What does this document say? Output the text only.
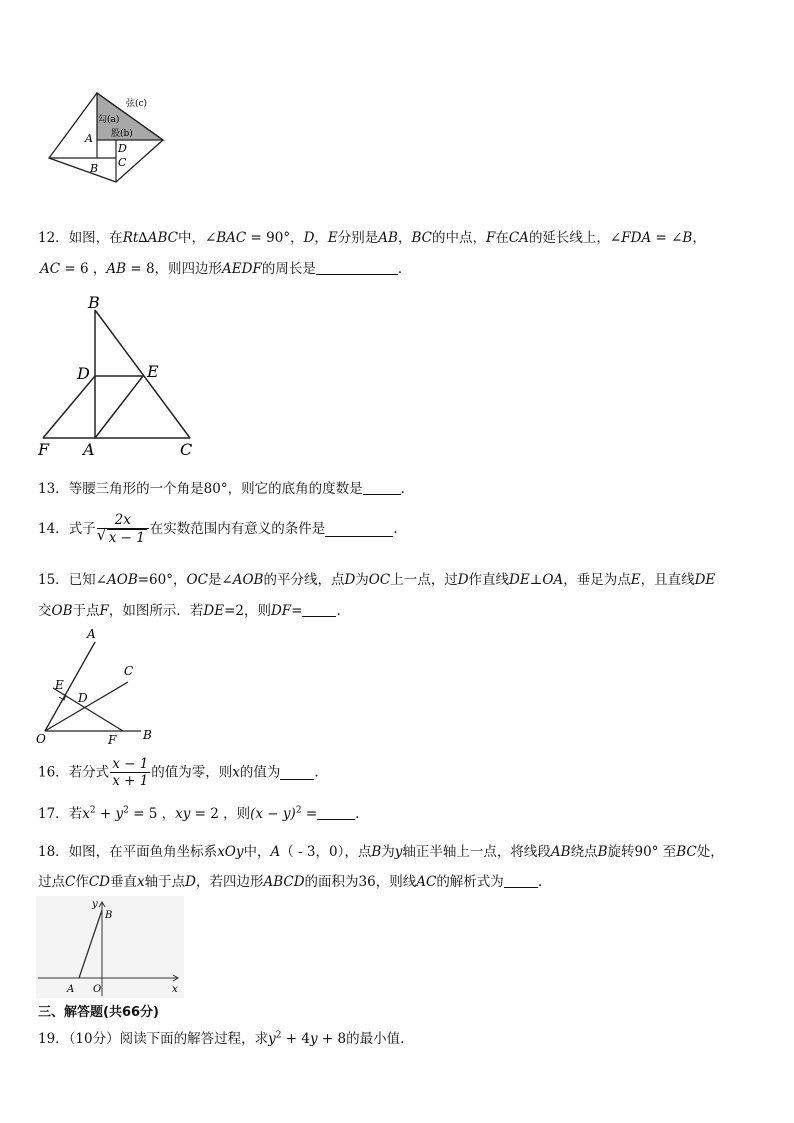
弦(c)
勾(a)
股(b)
A
D
C
B
12．如图，在Rt∆ABC中，∠BAC = 90°，D，E分别是AB，BC的中点，F在CA的延长线上，∠FDA = ∠B，
AC = 6 ，AB = 8，则四边形AEDF的周长是	．
B
D	E
F A	C
13．等腰三角形的一个角是80°，则它的底角的度数是	.
14．式子 2x
√ x − 1 在实数范围内有意义的条件是	.
15．已知∠AOB=60°，OC是∠AOB的平分线，点D为OC上一点，过D作直线DE⊥OA，垂足为点E，且直线DE
交OB于点F，如图所示．若DE=2，则DF=	.
A
C
E
D
O	F B
16．若分式 $\frac{x - 1}{x + 1}$ 的值为零，则x的值为	.
17．若$x^2 + y^2 = 5$ ，xy = 2 ，则$(x - y)^2$ =	.
18．如图，在平面鱼角坐标系xOy中，A（ - 3，0），点B为y轴正半轴上一点，将线段AB绕点B旋转90° 至BC处，
过点C作CD垂直x轴于点D，若四边形ABCD的面积为36，则线AC的解析式为	.
y
B
A O	x
三、解答题(共66分)
19．（10分）阅读下面的解答过程，求$y^2 + 4y + 8$的最小值.
